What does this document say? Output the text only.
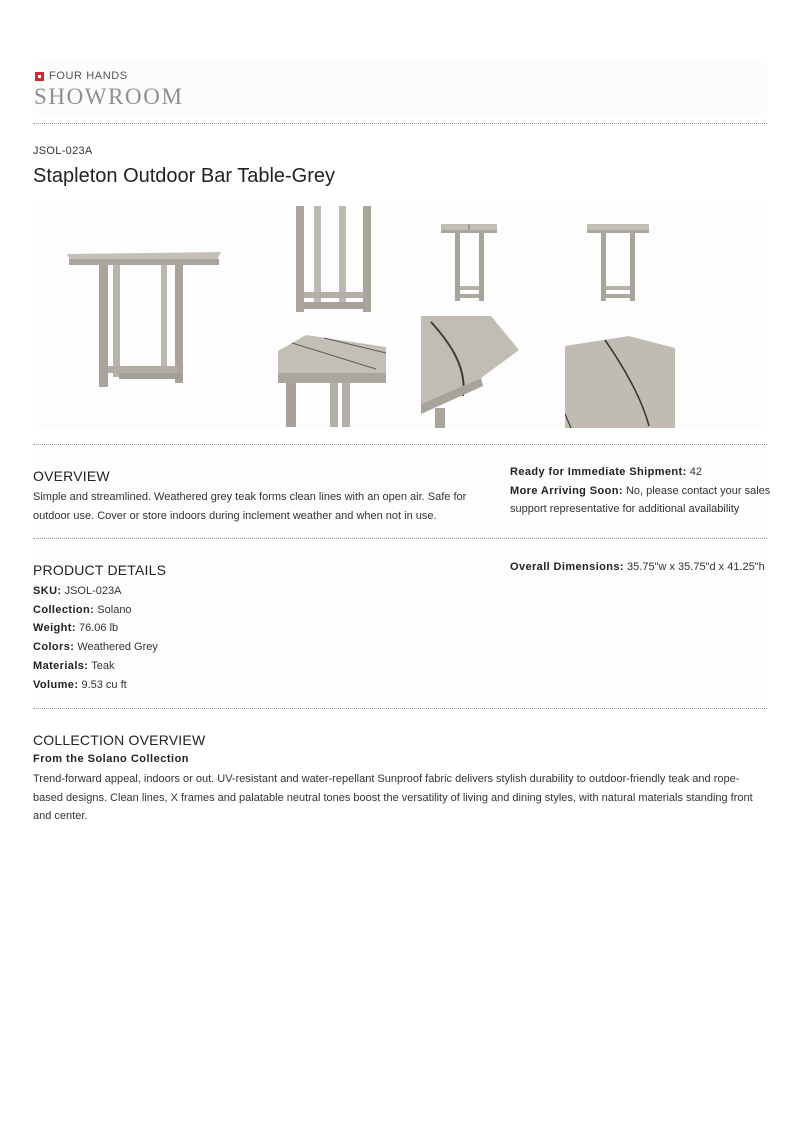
FOUR HANDS
SHOWROOM
JSOL-023A
Stapleton Outdoor Bar Table-Grey
OVERVIEW
Simple and streamlined. Weathered grey teak forms clean lines with an open air. Safe for outdoor use. Cover or store indoors during inclement weather and when not in use.
Ready for Immediate Shipment: 42
More Arriving Soon: No, please contact your sales support representative for additional availability
PRODUCT DETAILS
SKU: JSOL-023A
Collection: Solano
Weight: 76.06 lb
Colors: Weathered Grey
Materials: Teak
Volume: 9.53 cu ft
Overall Dimensions: 35.75"w x 35.75"d x 41.25"h
COLLECTION OVERVIEW
From the Solano Collection
Trend-forward appeal, indoors or out. UV-resistant and water-repellant Sunproof fabric delivers stylish durability to outdoor-friendly teak and rope-based designs. Clean lines, X frames and palatable neutral tones boost the versatility of living and dining styles, with natural materials standing front and center.
